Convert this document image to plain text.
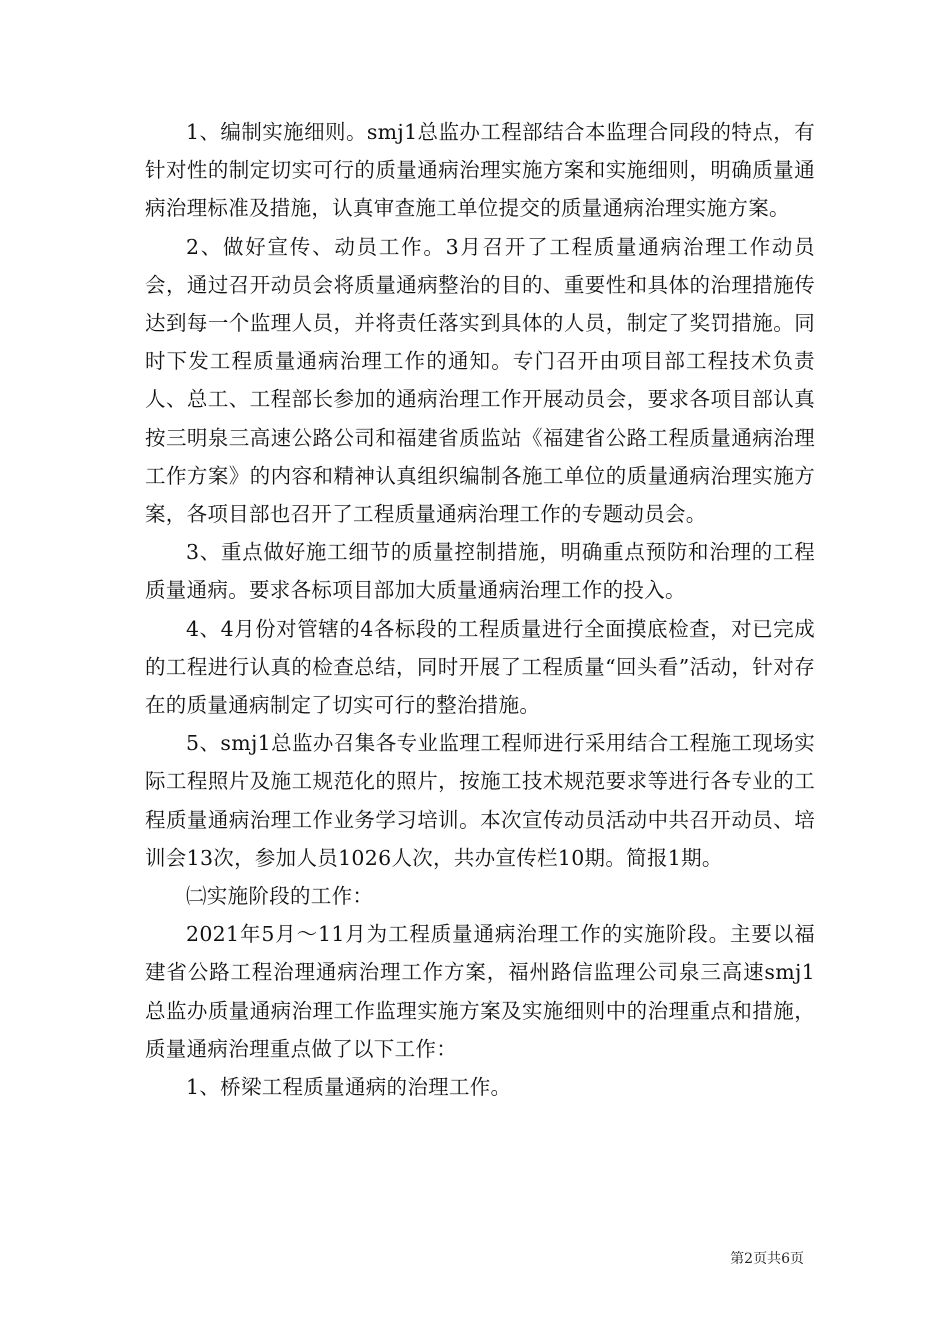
1、编制实施细则。smj1总监办工程部结合本监理合同段的特点，有针对性的制定切实可行的质量通病治理实施方案和实施细则，明确质量通病治理标准及措施，认真审查施工单位提交的质量通病治理实施方案。

2、做好宣传、动员工作。3月召开了工程质量通病治理工作动员会，通过召开动员会将质量通病整治的目的、重要性和具体的治理措施传达到每一个监理人员，并将责任落实到具体的人员，制定了奖罚措施。同时下发工程质量通病治理工作的通知。专门召开由项目部工程技术负责人、总工、工程部长参加的通病治理工作开展动员会，要求各项目部认真按三明泉三高速公路公司和福建省质监站《福建省公路工程质量通病治理工作方案》的内容和精神认真组织编制各施工单位的质量通病治理实施方案，各项目部也召开了工程质量通病治理工作的专题动员会。

3、重点做好施工细节的质量控制措施，明确重点预防和治理的工程质量通病。要求各标项目部加大质量通病治理工作的投入。

4、4月份对管辖的4各标段的工程质量进行全面摸底检查，对已完成的工程进行认真的检查总结，同时开展了工程质量“回头看”活动，针对存在的质量通病制定了切实可行的整治措施。

5、smj1总监办召集各专业监理工程师进行采用结合工程施工现场实际工程照片及施工规范化的照片，按施工技术规范要求等进行各专业的工程质量通病治理工作业务学习培训。本次宣传动员活动中共召开动员、培训会13次，参加人员1026人次，共办宣传栏10期。简报1期。

㈡实施阶段的工作：

2021年5月～11月为工程质量通病治理工作的实施阶段。主要以福建省公路工程治理通病治理工作方案，福州路信监理公司泉三高速smj1总监办质量通病治理工作监理实施方案及实施细则中的治理重点和措施，质量通病治理重点做了以下工作：

1、桥梁工程质量通病的治理工作。

第2页共6页
